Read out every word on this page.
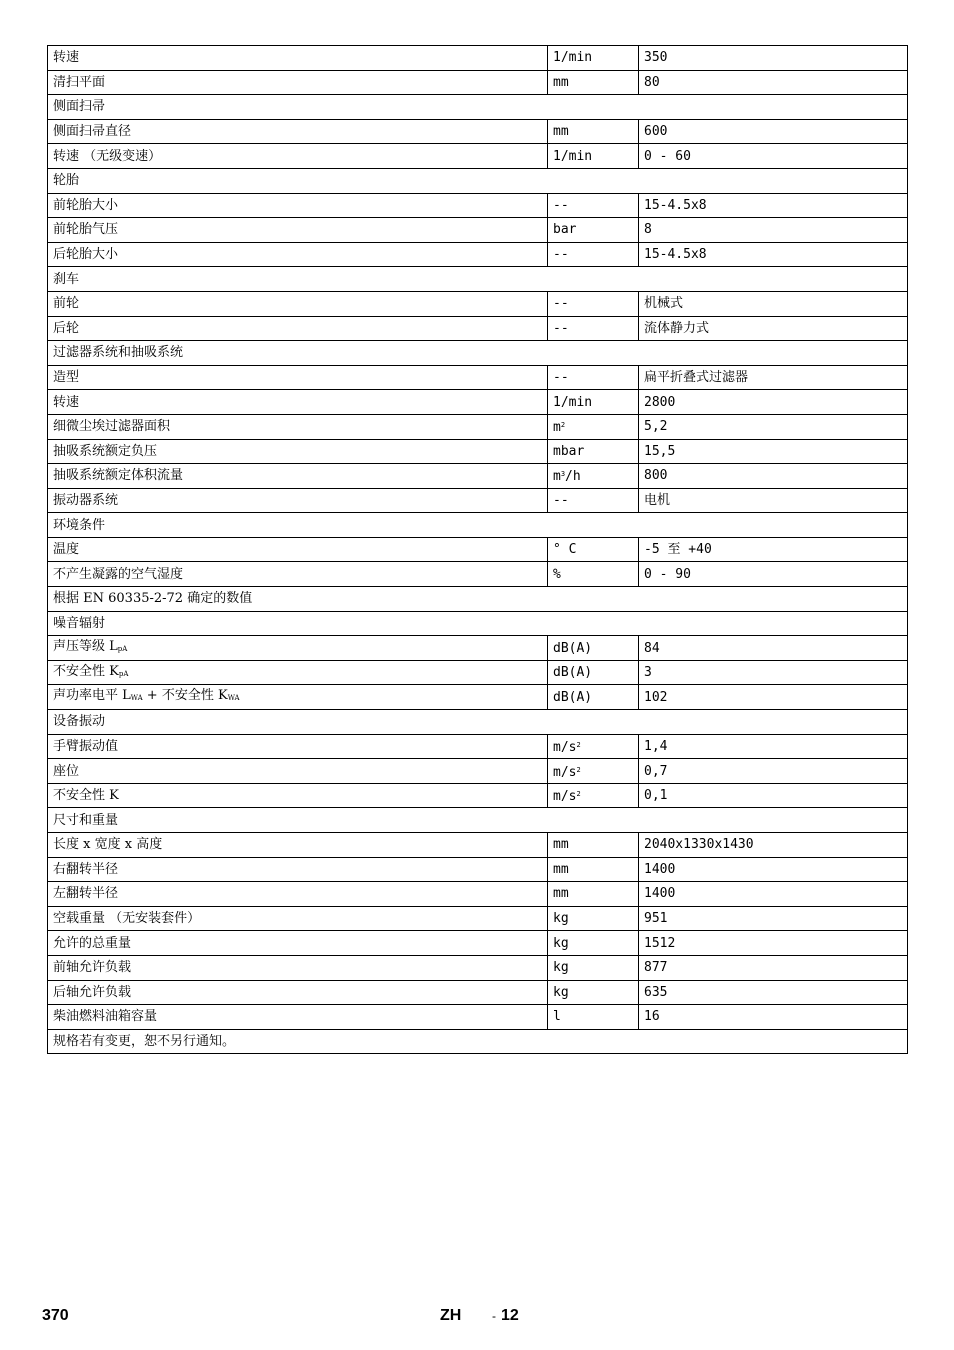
转速	1/min	350
清扫平面	mm	80
侧面扫帚		
侧面扫帚直径	mm	600
转速 （无级变速）	1/min	0 - 60
轮胎		
前轮胎大小	--	15-4.5x8
前轮胎气压	bar	8
后轮胎大小	--	15-4.5x8
刹车		
前轮	--	机械式
后轮	--	流体静力式
过滤器系统和抽吸系统		
造型	--	扁平折叠式过滤器
转速	1/min	2800
细微尘埃过滤器面积	$m^2$	5,2
抽吸系统额定负压	mbar	15,5
抽吸系统额定体积流量	$m^3/h$	800
振动器系统	--	电机
环境条件		
温度	° C	-5 至 +40
不产生凝露的空气湿度	%	0 - 90
根据 EN 60335-2-72 确定的数值		
噪音辐射		
声压等级 $L_{pA}$	dB(A)	84
不安全性 $K_{pA}$	dB(A)	3
声功率电平 $L_{WA}$ + 不安全性 $K_{WA}$	dB(A)	102
设备振动		
手臂振动值	$m/s^2$	1,4
座位	$m/s^2$	0,7
不安全性 K	$m/s^2$	0,1
尺寸和重量		
长度 x 宽度 x 高度	mm	2040x1330x1430
右翻转半径	mm	1400
左翻转半径	mm	1400
空载重量 （无安装套件）	kg	951
允许的总重量	kg	1512
前轴允许负载	kg	877
后轴允许负载	kg	635
柴油燃料油箱容量	l	16
规格若有变更，恕不另行通知。		
370	ZH	- 12
